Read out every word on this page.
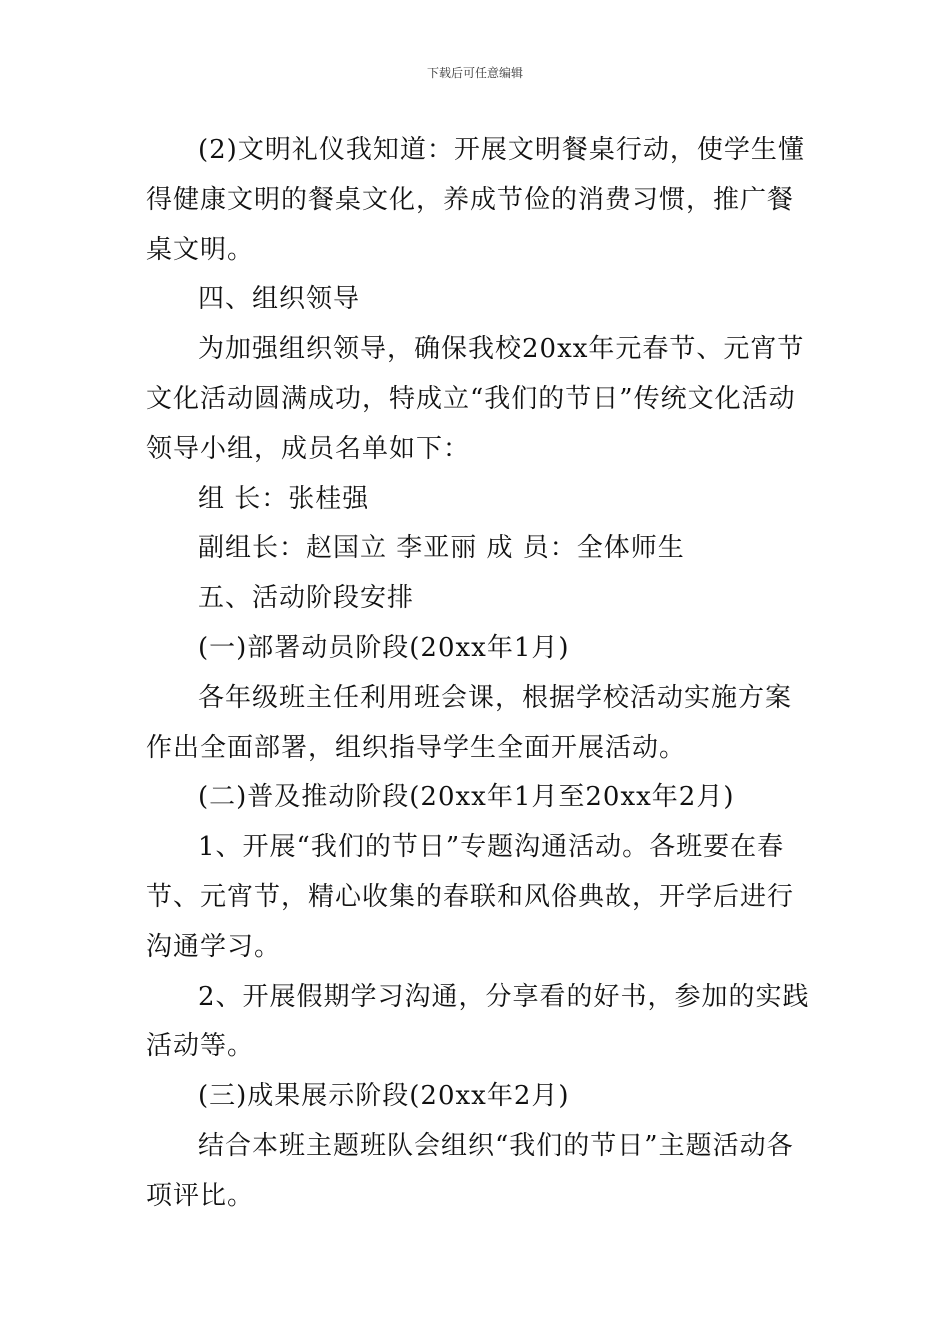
下载后可任意编辑

(2)文明礼仪我知道：开展文明餐桌行动，使学生懂得健康文明的餐桌文化，养成节俭的消费习惯，推广餐桌文明。

四、组织领导

为加强组织领导，确保我校20xx年元春节、元宵节文化活动圆满成功，特成立“我们的节日”传统文化活动领导小组，成员名单如下：

组 长：张桂强

副组长：赵国立 李亚丽 成 员：全体师生

五、活动阶段安排

(一)部署动员阶段(20xx年1月)

各年级班主任利用班会课，根据学校活动实施方案作出全面部署，组织指导学生全面开展活动。

(二)普及推动阶段(20xx年1月至20xx年2月)

1、开展“我们的节日”专题沟通活动。各班要在春节、元宵节，精心收集的春联和风俗典故，开学后进行沟通学习。

2、开展假期学习沟通，分享看的好书，参加的实践活动等。

(三)成果展示阶段(20xx年2月)

结合本班主题班队会组织“我们的节日”主题活动各项评比。
